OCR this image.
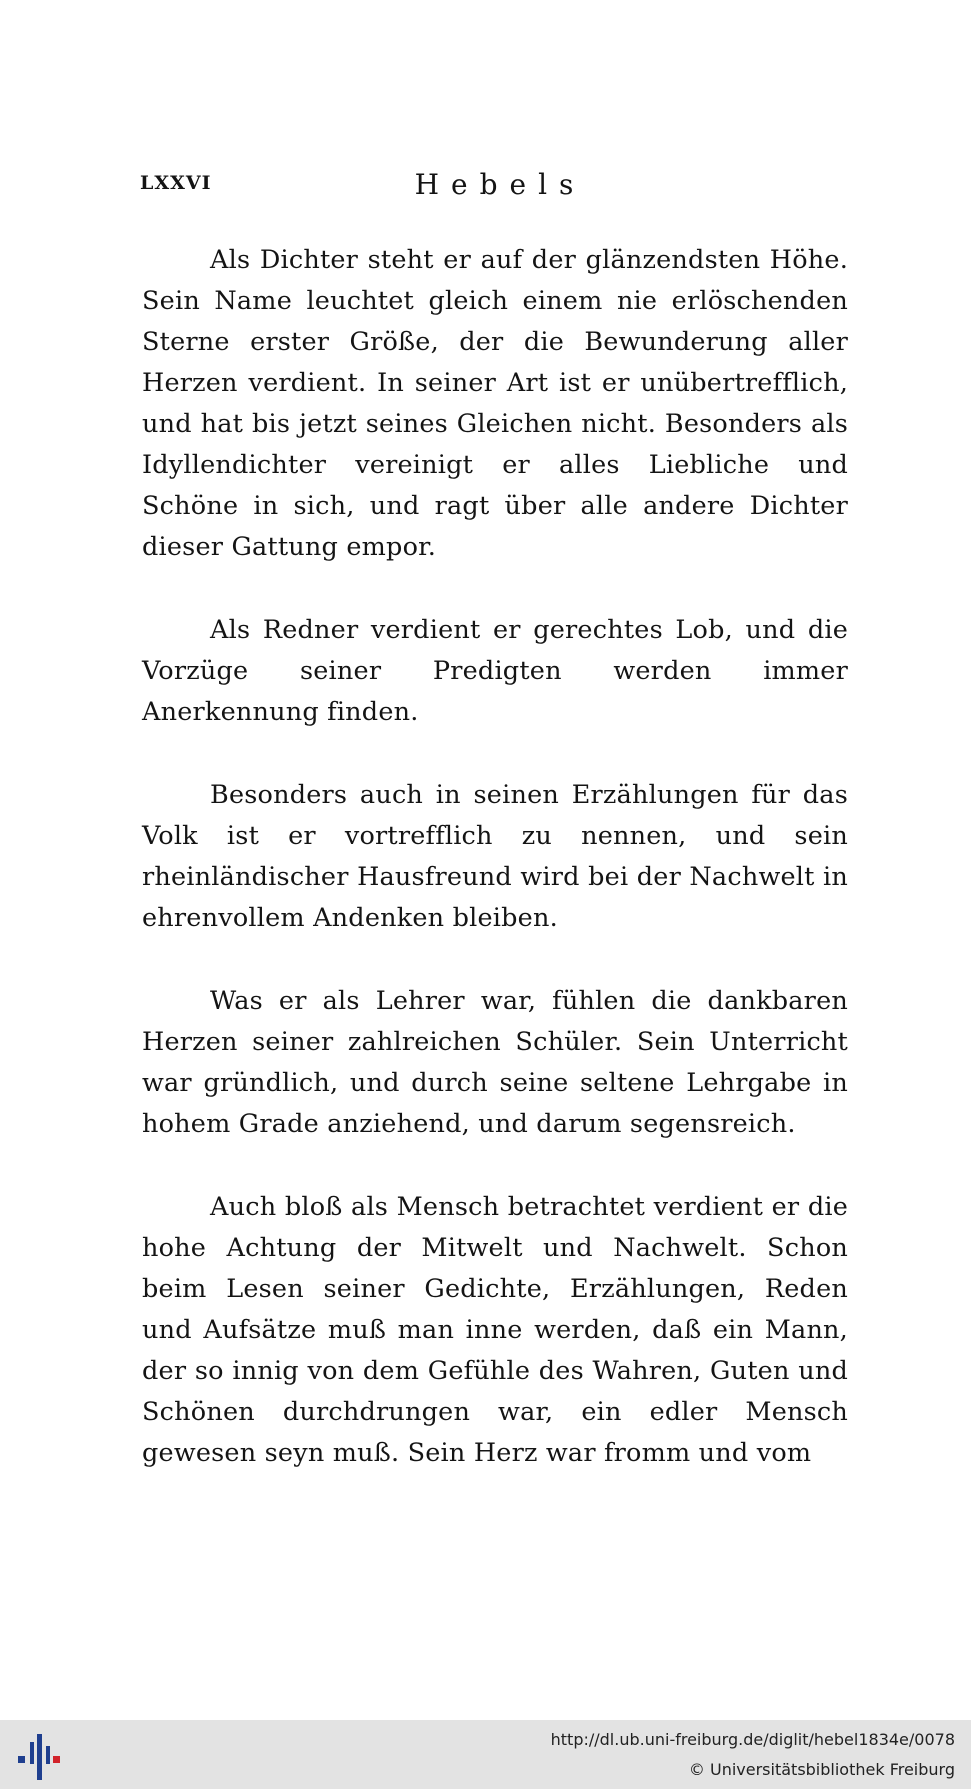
LXXVI	Hebels

Als Dichter steht er auf der glänzendsten Höhe. Sein Name leuchtet gleich einem nie erlöschenden Sterne erster Größe, der die Bewunderung aller Herzen verdient. In seiner Art ist er unübertrefflich, und hat bis jetzt seines Gleichen nicht. Besonders als Idyllendichter vereinigt er alles Liebliche und Schöne in sich, und ragt über alle andere Dichter dieser Gattung empor.

Als Redner verdient er gerechtes Lob, und die Vorzüge seiner Predigten werden immer Anerkennung finden.

Besonders auch in seinen Erzählungen für das Volk ist er vortrefflich zu nennen, und sein rheinländischer Hausfreund wird bei der Nachwelt in ehrenvollem Andenken bleiben.

Was er als Lehrer war, fühlen die dankbaren Herzen seiner zahlreichen Schüler. Sein Unterricht war gründlich, und durch seine seltene Lehrgabe in hohem Grade anziehend, und darum segensreich.

Auch bloß als Mensch betrachtet verdient er die hohe Achtung der Mitwelt und Nachwelt. Schon beim Lesen seiner Gedichte, Erzählungen, Reden und Aufsätze muß man inne werden, daß ein Mann, der so innig von dem Gefühle des Wahren, Guten und Schönen durchdrungen war, ein edler Mensch gewesen seyn muß. Sein Herz war fromm und vom

http://dl.ub.uni-freiburg.de/diglit/hebel1834e/0078
© Universitätsbibliothek Freiburg
